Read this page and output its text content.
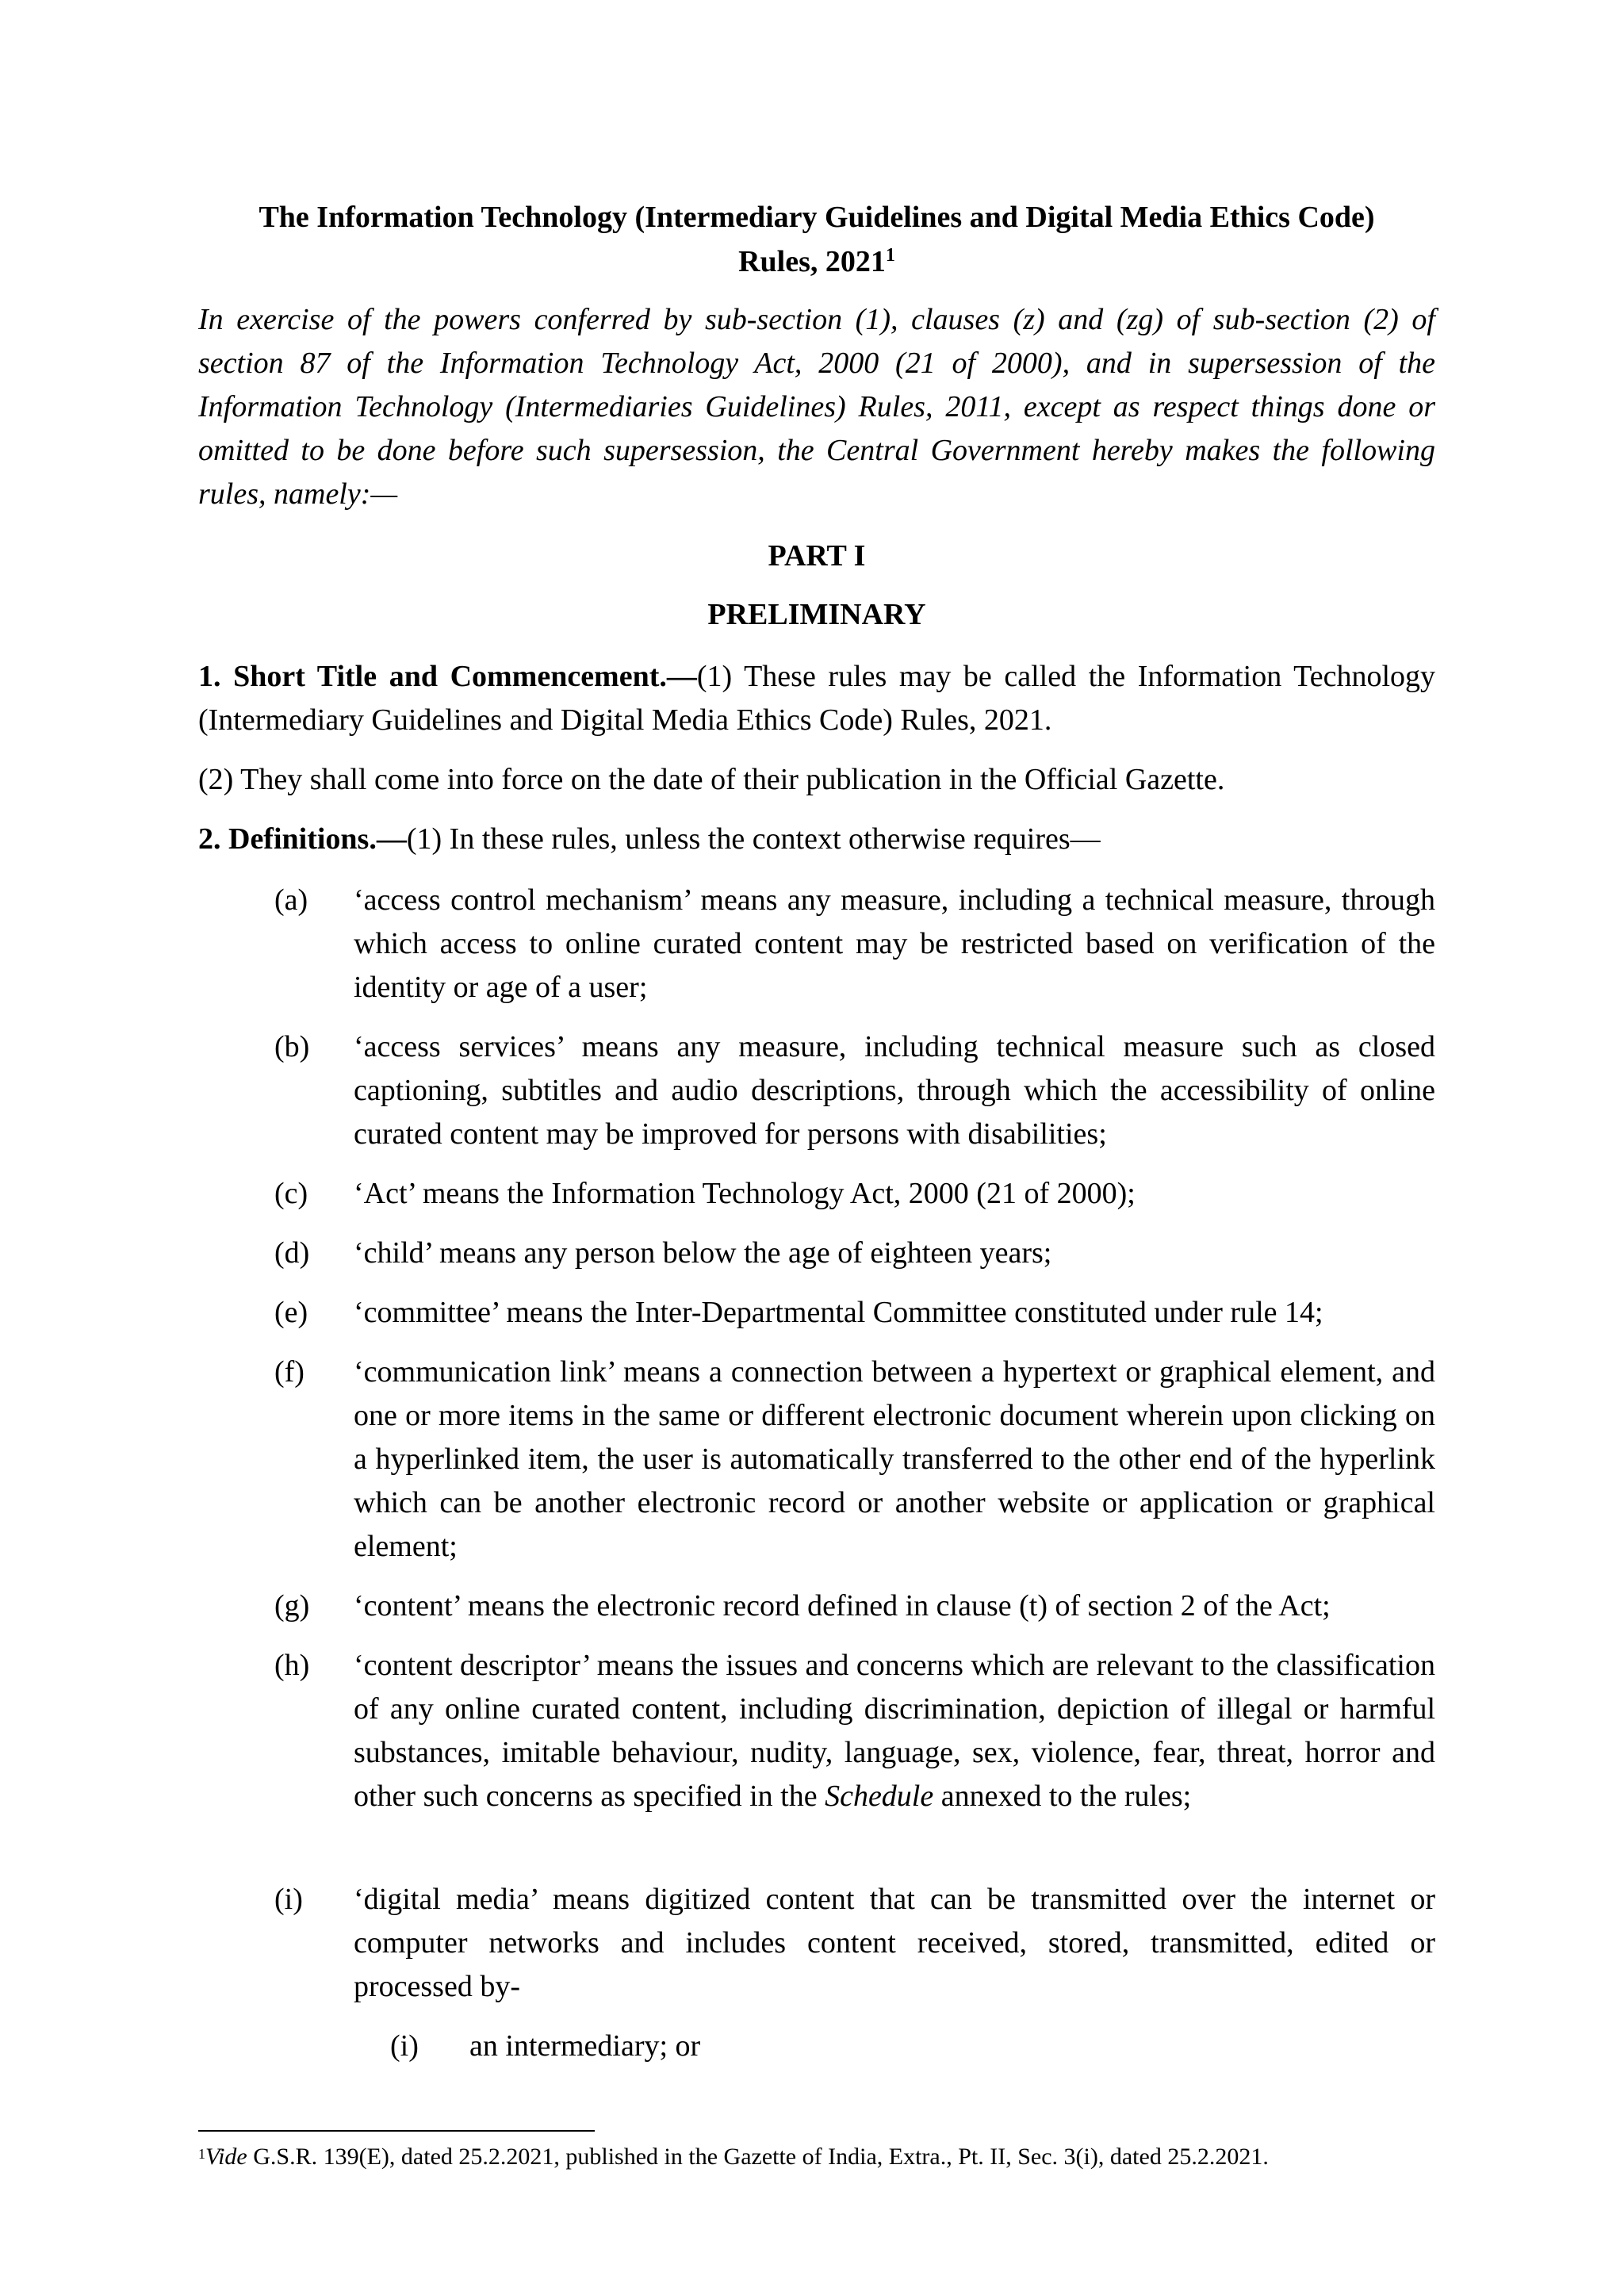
The Information Technology (Intermediary Guidelines and Digital Media Ethics Code)
Rules, 2021$^1$
In exercise of the powers conferred by sub-section (1), clauses (z) and (zg) of sub-section (2) of section 87 of the Information Technology Act, 2000 (21 of 2000), and in supersession of the Information Technology (Intermediaries Guidelines) Rules, 2011, except as respect things done or omitted to be done before such supersession, the Central Government hereby makes the following rules, namely:—
PART I
PRELIMINARY
1. Short Title and Commencement.—(1) These rules may be called the Information Technology (Intermediary Guidelines and Digital Media Ethics Code) Rules, 2021.
(2) They shall come into force on the date of their publication in the Official Gazette.
2. Definitions.—(1) In these rules, unless the context otherwise requires—
(a) ‘access control mechanism’ means any measure, including a technical measure, through which access to online curated content may be restricted based on verification of the identity or age of a user;
(b) ‘access services’ means any measure, including technical measure such as closed captioning, subtitles and audio descriptions, through which the accessibility of online curated content may be improved for persons with disabilities;
(c) ‘Act’ means the Information Technology Act, 2000 (21 of 2000);
(d) ‘child’ means any person below the age of eighteen years;
(e) ‘committee’ means the Inter-Departmental Committee constituted under rule 14;
(f) ‘communication link’ means a connection between a hypertext or graphical element, and one or more items in the same or different electronic document wherein upon clicking on a hyperlinked item, the user is automatically transferred to the other end of the hyperlink which can be another electronic record or another website or application or graphical element;
(g) ‘content’ means the electronic record defined in clause (t) of section 2 of the Act;
(h) ‘content descriptor’ means the issues and concerns which are relevant to the classification of any online curated content, including discrimination, depiction of illegal or harmful substances, imitable behaviour, nudity, language, sex, violence, fear, threat, horror and other such concerns as specified in the Schedule annexed to the rules;
(i) ‘digital media’ means digitized content that can be transmitted over the internet or computer networks and includes content received, stored, transmitted, edited or processed by-
(i) an intermediary; or
$^1$Vide G.S.R. 139(E), dated 25.2.2021, published in the Gazette of India, Extra., Pt. II, Sec. 3(i), dated 25.2.2021.
